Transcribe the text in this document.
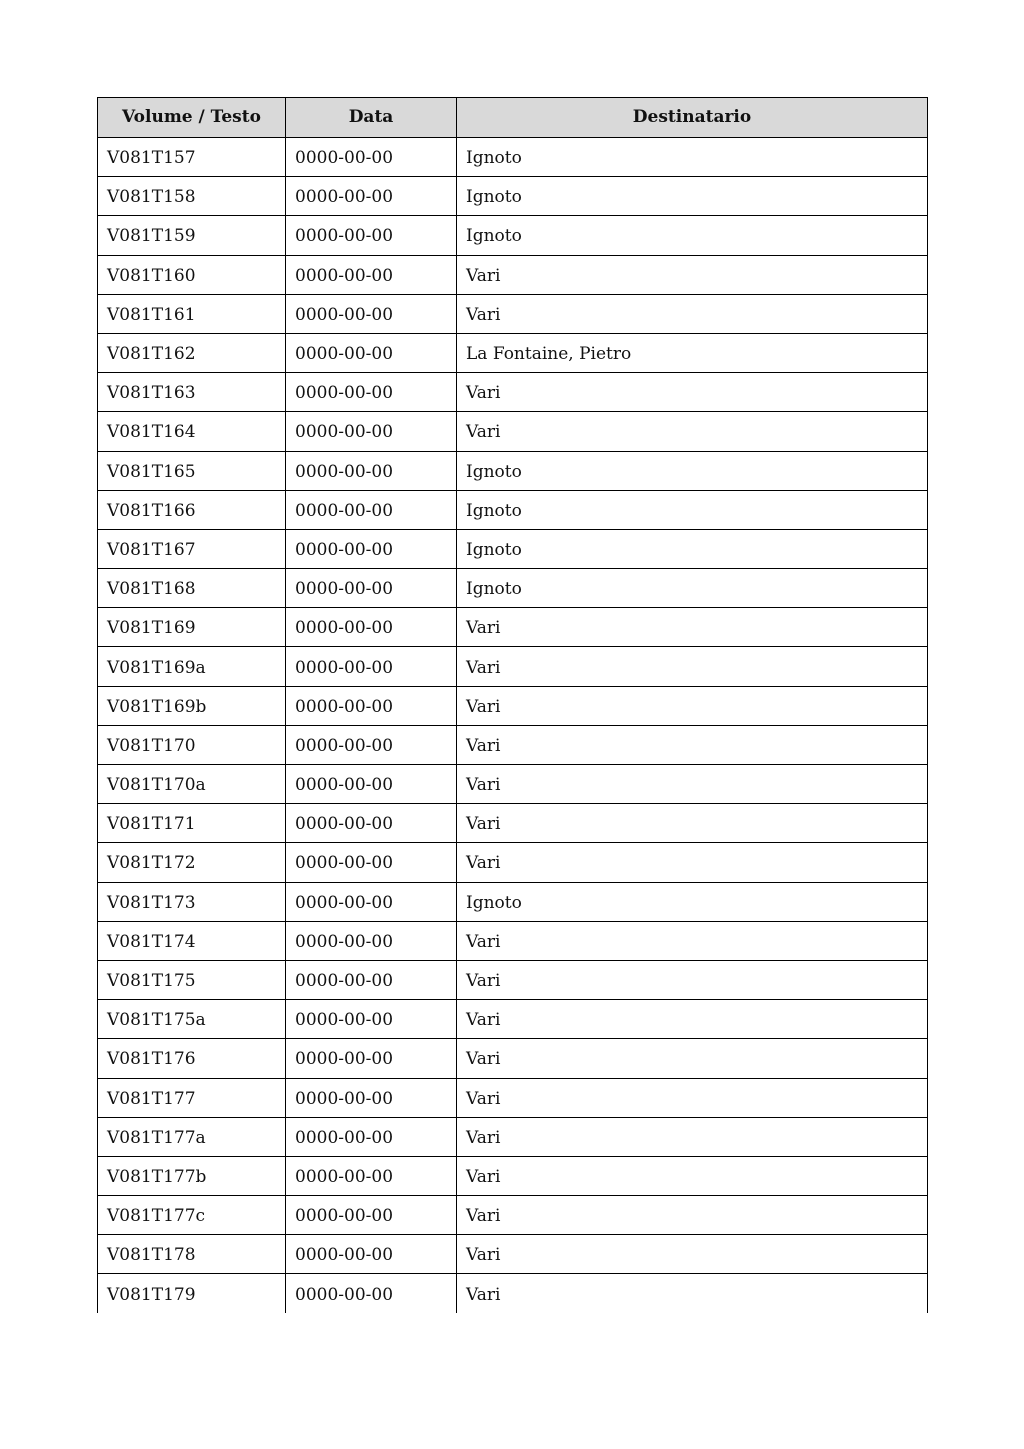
Volume / Testo	Data	Destinatario
V081T157	0000-00-00	Ignoto
V081T158	0000-00-00	Ignoto
V081T159	0000-00-00	Ignoto
V081T160	0000-00-00	Vari
V081T161	0000-00-00	Vari
V081T162	0000-00-00	La Fontaine, Pietro
V081T163	0000-00-00	Vari
V081T164	0000-00-00	Vari
V081T165	0000-00-00	Ignoto
V081T166	0000-00-00	Ignoto
V081T167	0000-00-00	Ignoto
V081T168	0000-00-00	Ignoto
V081T169	0000-00-00	Vari
V081T169a	0000-00-00	Vari
V081T169b	0000-00-00	Vari
V081T170	0000-00-00	Vari
V081T170a	0000-00-00	Vari
V081T171	0000-00-00	Vari
V081T172	0000-00-00	Vari
V081T173	0000-00-00	Ignoto
V081T174	0000-00-00	Vari
V081T175	0000-00-00	Vari
V081T175a	0000-00-00	Vari
V081T176	0000-00-00	Vari
V081T177	0000-00-00	Vari
V081T177a	0000-00-00	Vari
V081T177b	0000-00-00	Vari
V081T177c	0000-00-00	Vari
V081T178	0000-00-00	Vari
V081T179	0000-00-00	Vari
